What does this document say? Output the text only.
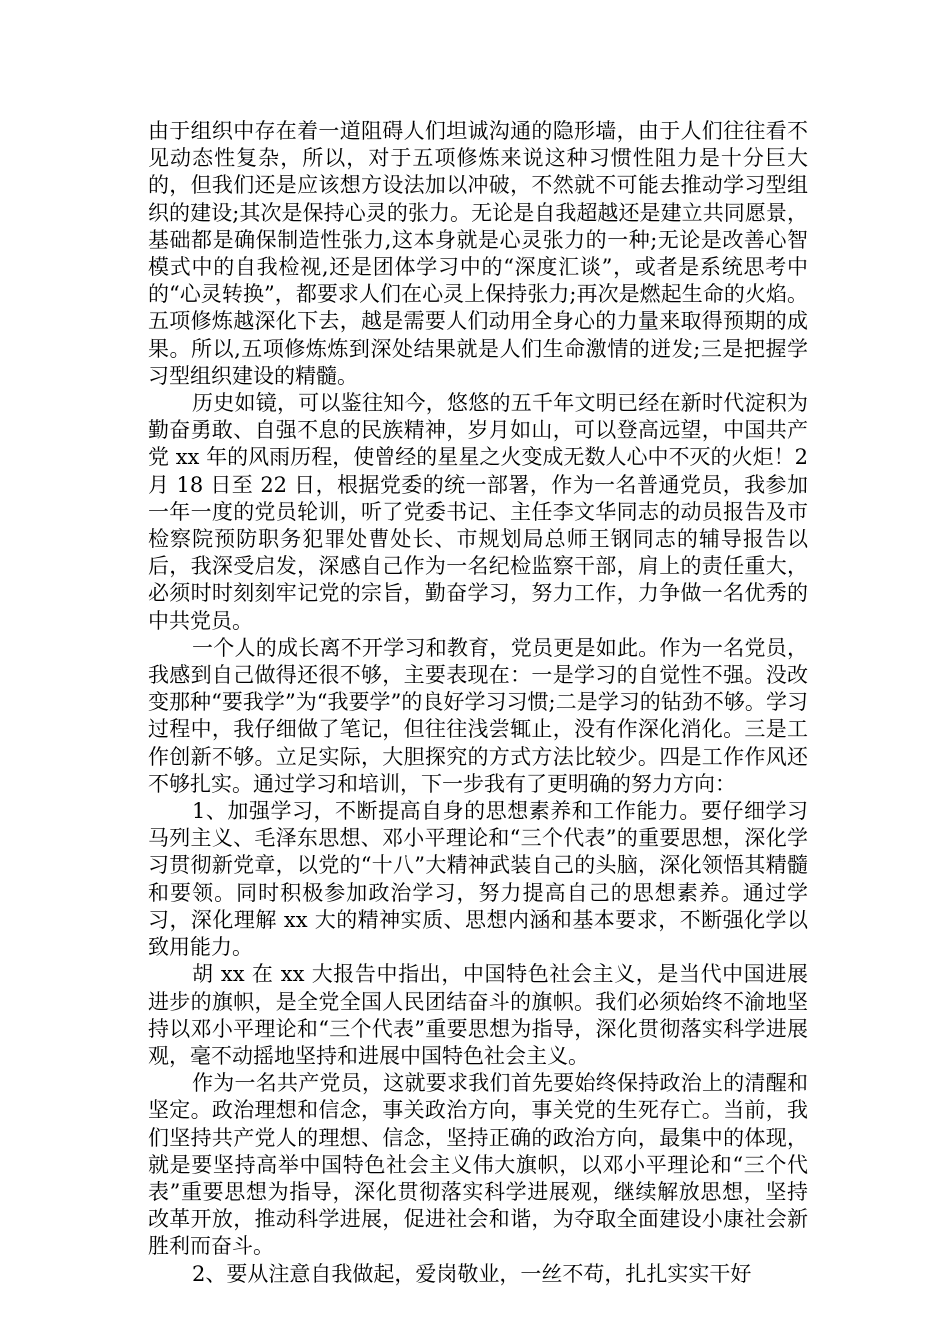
由于组织中存在着一道阻碍人们坦诚沟通的隐形墙，由于人们往往看不见动态性复杂，所以，对于五项修炼来说这种习惯性阻力是十分巨大的，但我们还是应该想方设法加以冲破，不然就不可能去推动学习型组织的建设;其次是保持心灵的张力。无论是自我超越还是建立共同愿景，基础都是确保制造性张力,这本身就是心灵张力的一种;无论是改善心智模式中的自我检视,还是团体学习中的“深度汇谈”，或者是系统思考中的“心灵转换”，都要求人们在心灵上保持张力;再次是燃起生命的火焰。五项修炼越深化下去，越是需要人们动用全身心的力量来取得预期的成果。所以,五项修炼炼到深处结果就是人们生命激情的迸发;三是把握学习型组织建设的精髓。

历史如镜，可以鉴往知今，悠悠的五千年文明已经在新时代淀积为勤奋勇敢、自强不息的民族精神，岁月如山，可以登高远望，中国共产党 xx 年的风雨历程，使曾经的星星之火变成无数人心中不灭的火炬！2 月 18 日至 22 日，根据党委的统一部署，作为一名普通党员，我参加一年一度的党员轮训，听了党委书记、主任李文华同志的动员报告及市检察院预防职务犯罪处曹处长、市规划局总师王钢同志的辅导报告以后，我深受启发，深感自己作为一名纪检监察干部，肩上的责任重大，必须时时刻刻牢记党的宗旨，勤奋学习，努力工作，力争做一名优秀的中共党员。

一个人的成长离不开学习和教育，党员更是如此。作为一名党员，我感到自己做得还很不够，主要表现在：一是学习的自觉性不强。没改变那种“要我学”为“我要学”的良好学习习惯;二是学习的钻劲不够。学习过程中，我仔细做了笔记，但往往浅尝辄止，没有作深化消化。三是工作创新不够。立足实际，大胆探究的方式方法比较少。四是工作作风还不够扎实。通过学习和培训，下一步我有了更明确的努力方向：

1、加强学习，不断提高自身的思想素养和工作能力。要仔细学习马列主义、毛泽东思想、邓小平理论和“三个代表”的重要思想，深化学习贯彻新党章，以党的“十八”大精神武装自己的头脑，深化领悟其精髓和要领。同时积极参加政治学习，努力提高自己的思想素养。通过学习，深化理解 xx 大的精神实质、思想内涵和基本要求，不断强化学以致用能力。

胡 xx 在 xx 大报告中指出，中国特色社会主义，是当代中国进展进步的旗帜，是全党全国人民团结奋斗的旗帜。我们必须始终不渝地坚持以邓小平理论和“三个代表”重要思想为指导，深化贯彻落实科学进展观，毫不动摇地坚持和进展中国特色社会主义。

作为一名共产党员，这就要求我们首先要始终保持政治上的清醒和坚定。政治理想和信念，事关政治方向，事关党的生死存亡。当前，我们坚持共产党人的理想、信念，坚持正确的政治方向，最集中的体现，就是要坚持高举中国特色社会主义伟大旗帜，以邓小平理论和“三个代表”重要思想为指导，深化贯彻落实科学进展观，继续解放思想，坚持改革开放，推动科学进展，促进社会和谐，为夺取全面建设小康社会新胜利而奋斗。

2、要从注意自我做起，爱岗敬业，一丝不苟，扎扎实实干好
